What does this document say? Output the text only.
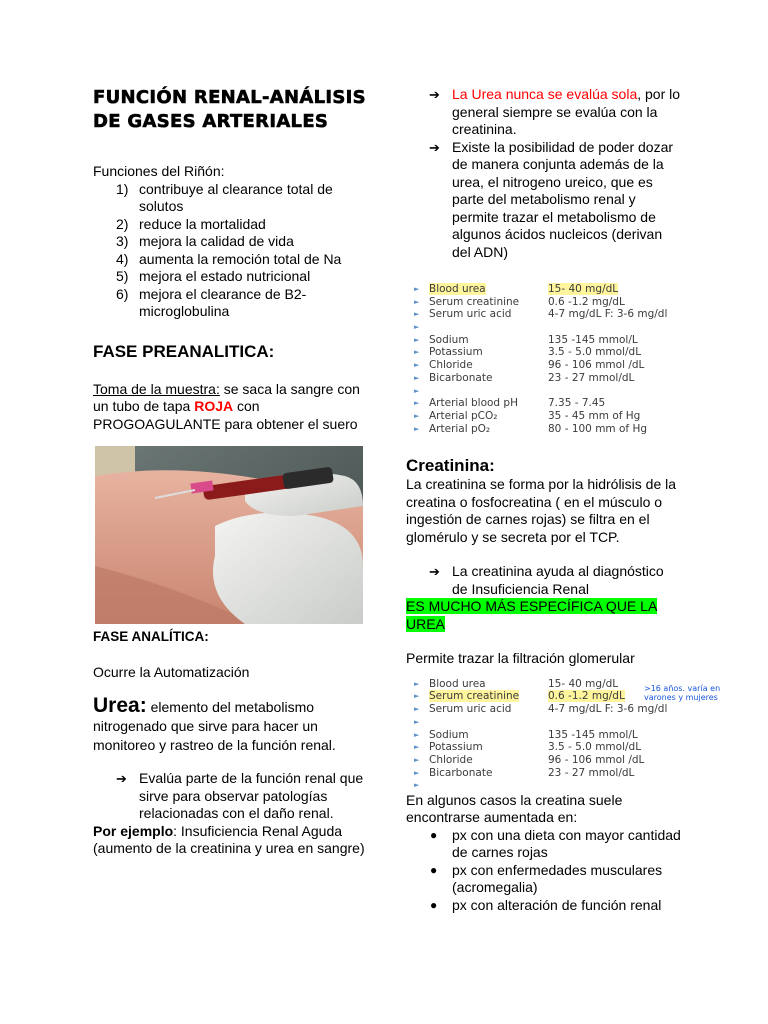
FUNCIÓN RENAL-ANÁLISIS DE GASES ARTERIALES

Funciones del Riñón:

1) contribuye al clearance total de solutos
2) reduce la mortalidad
3) mejora la calidad de vida
4) aumenta la remoción total de Na
5) mejora el estado nutricional
6) mejora el clearance de B2-microglobulina

FASE PREANALITICA:

Toma de la muestra: se saca la sangre con un tubo de tapa ROJA con PROGOAGULANTE para obtener el suero

FASE ANALÍTICA:

Ocurre la Automatización

Urea: elemento del metabolismo nitrogenado que sirve para hacer un monitoreo y rastreo de la función renal.

➔ Evalúa parte de la función renal que sirve para observar patologías relacionadas con el daño renal.

Por ejemplo: Insuficiencia Renal Aguda (aumento de la creatinina y urea en sangre)

➔ La Urea nunca se evalúa sola, por lo general siempre se evalúa con la creatinina.
➔ Existe la posibilidad de poder dozar de manera conjunta además de la urea, el nitrogeno ureico, que es parte del metabolismo renal y permite trazar el metabolismo de algunos ácidos nucleicos (derivan del ADN)
► Blood urea	15- 40 mg/dL
► Serum creatinine	0.6 -1.2 mg/dL
► Serum uric acid	4-7 mg/dL F: 3-6 mg/dl
►
► Sodium	135 -145 mmol/L
► Potassium	3.5 - 5.0 mmol/dL
► Chloride	96 - 106 mmol /dL
► Bicarbonate	23 - 27 mmol/dL
►
► Arterial blood pH	7.35 - 7.45
► Arterial pCO₂	35 - 45 mm of Hg
► Arterial pO₂	80 - 100 mm of Hg

Creatinina:

La creatinina se forma por la hidrólisis de la creatina o fosfocreatina ( en el músculo o ingestión de carnes rojas) se filtra en el glomérulo y se secreta por el TCP.

➔ La creatinina ayuda al diagnóstico de Insuficiencia Renal

ES MUCHO MÁS ESPECÍFICA QUE LA UREA

Permite trazar la filtración glomerular

>16 años. varía en varones y mujeres
► Blood urea	15- 40 mg/dL
► Serum creatinine	0.6 -1.2 mg/dL
► Serum uric acid	4-7 mg/dL F: 3-6 mg/dl
►
► Sodium	135 -145 mmol/L
► Potassium	3.5 - 5.0 mmol/dL
► Chloride	96 - 106 mmol /dL
► Bicarbonate	23 - 27 mmol/dL
►

En algunos casos la creatina suele encontrarse aumentada en:

● px con una dieta con mayor cantidad de carnes rojas
● px con enfermedades musculares (acromegalia)
● px con alteración de función renal
